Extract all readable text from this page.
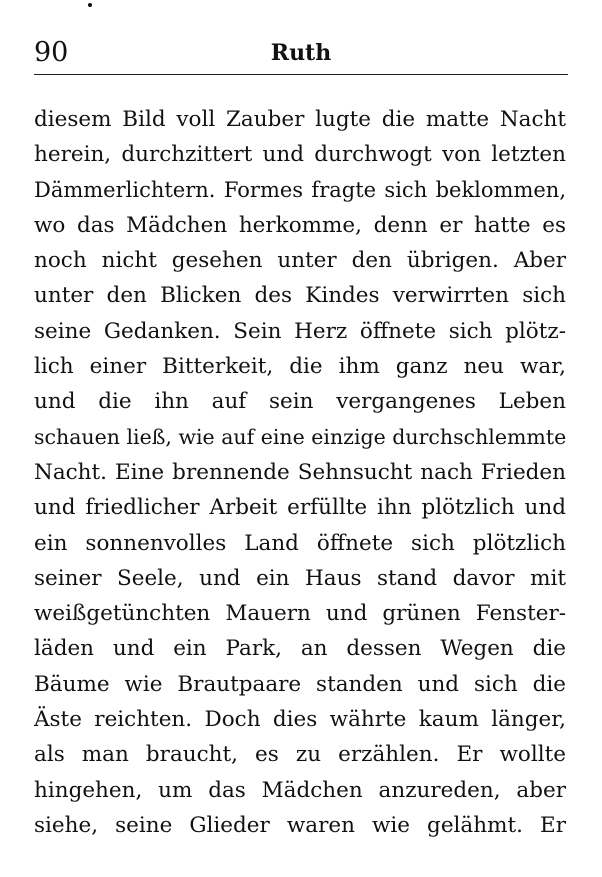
90	Ruth
diesem Bild voll Zauber lugte die matte Nacht
herein, durchzittert und durchwogt von letzten
Dämmerlichtern. Formes fragte sich beklommen,
wo das Mädchen herkomme, denn er hatte es
noch nicht gesehen unter den übrigen. Aber
unter den Blicken des Kindes verwirrten sich
seine Gedanken. Sein Herz öffnete sich plötz-
lich einer Bitterkeit, die ihm ganz neu war,
und die ihn auf sein vergangenes Leben
schauen ließ, wie auf eine einzige durchschlemmte
Nacht. Eine brennende Sehnsucht nach Frieden
und friedlicher Arbeit erfüllte ihn plötzlich und
ein sonnenvolles Land öffnete sich plötzlich
seiner Seele, und ein Haus stand davor mit
weißgetünchten Mauern und grünen Fenster-
läden und ein Park, an dessen Wegen die
Bäume wie Brautpaare standen und sich die
Äste reichten. Doch dies währte kaum länger,
als man braucht, es zu erzählen. Er wollte
hingehen, um das Mädchen anzureden, aber
siehe, seine Glieder waren wie gelähmt. Er
